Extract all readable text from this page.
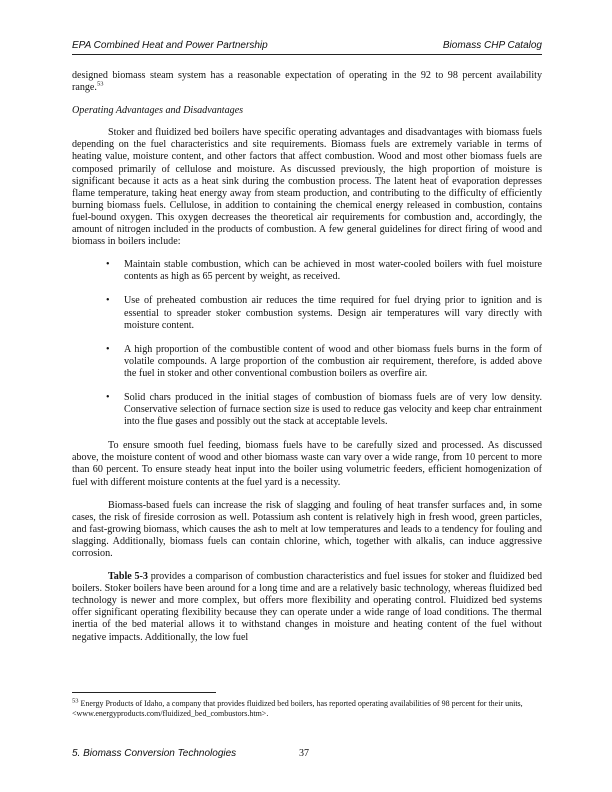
EPA Combined Heat and Power Partnership	Biomass CHP Catalog

designed biomass steam system has a reasonable expectation of operating in the 92 to 98 percent availability range.$^{53}$

Operating Advantages and Disadvantages

Stoker and fluidized bed boilers have specific operating advantages and disadvantages with biomass fuels depending on the fuel characteristics and site requirements. Biomass fuels are extremely variable in terms of heating value, moisture content, and other factors that affect combustion. Wood and most other biomass fuels are composed primarily of cellulose and moisture. As discussed previously, the high proportion of moisture is significant because it acts as a heat sink during the combustion process. The latent heat of evaporation depresses flame temperature, taking heat energy away from steam production, and contributing to the difficulty of efficiently burning biomass fuels. Cellulose, in addition to containing the chemical energy released in combustion, contains fuel-bound oxygen. This oxygen decreases the theoretical air requirements for combustion and, accordingly, the amount of nitrogen included in the products of combustion. A few general guidelines for direct firing of wood and biomass in boilers include:

• Maintain stable combustion, which can be achieved in most water-cooled boilers with fuel moisture contents as high as 65 percent by weight, as received.
• Use of preheated combustion air reduces the time required for fuel drying prior to ignition and is essential to spreader stoker combustion systems. Design air temperatures will vary directly with moisture content.
• A high proportion of the combustible content of wood and other biomass fuels burns in the form of volatile compounds. A large proportion of the combustion air requirement, therefore, is added above the fuel in stoker and other conventional combustion boilers as overfire air.
• Solid chars produced in the initial stages of combustion of biomass fuels are of very low density. Conservative selection of furnace section size is used to reduce gas velocity and keep char entrainment into the flue gases and possibly out the stack at acceptable levels.

To ensure smooth fuel feeding, biomass fuels have to be carefully sized and processed. As discussed above, the moisture content of wood and other biomass waste can vary over a wide range, from 10 percent to more than 60 percent. To ensure steady heat input into the boiler using volumetric feeders, efficient homogenization of fuel with different moisture contents at the fuel yard is a necessity.

Biomass-based fuels can increase the risk of slagging and fouling of heat transfer surfaces and, in some cases, the risk of fireside corrosion as well. Potassium ash content is relatively high in fresh wood, green particles, and fast-growing biomass, which causes the ash to melt at low temperatures and leads to a tendency for fouling and slagging. Additionally, biomass fuels can contain chlorine, which, together with alkalis, can induce aggressive corrosion.

Table 5-3 provides a comparison of combustion characteristics and fuel issues for stoker and fluidized bed boilers. Stoker boilers have been around for a long time and are a relatively basic technology, whereas fluidized bed technology is newer and more complex, but offers more flexibility and operating control. Fluidized bed systems offer significant operating flexibility because they can operate under a wide range of load conditions. The thermal inertia of the bed material allows it to withstand changes in moisture and heating content of the fuel without negative impacts. Additionally, the low fuel

$^{53}$ Energy Products of Idaho, a company that provides fluidized bed boilers, has reported operating availabilities of 98 percent for their units, <www.energyproducts.com/fluidized_bed_combustors.htm>.
5. Biomass Conversion Technologies	37
